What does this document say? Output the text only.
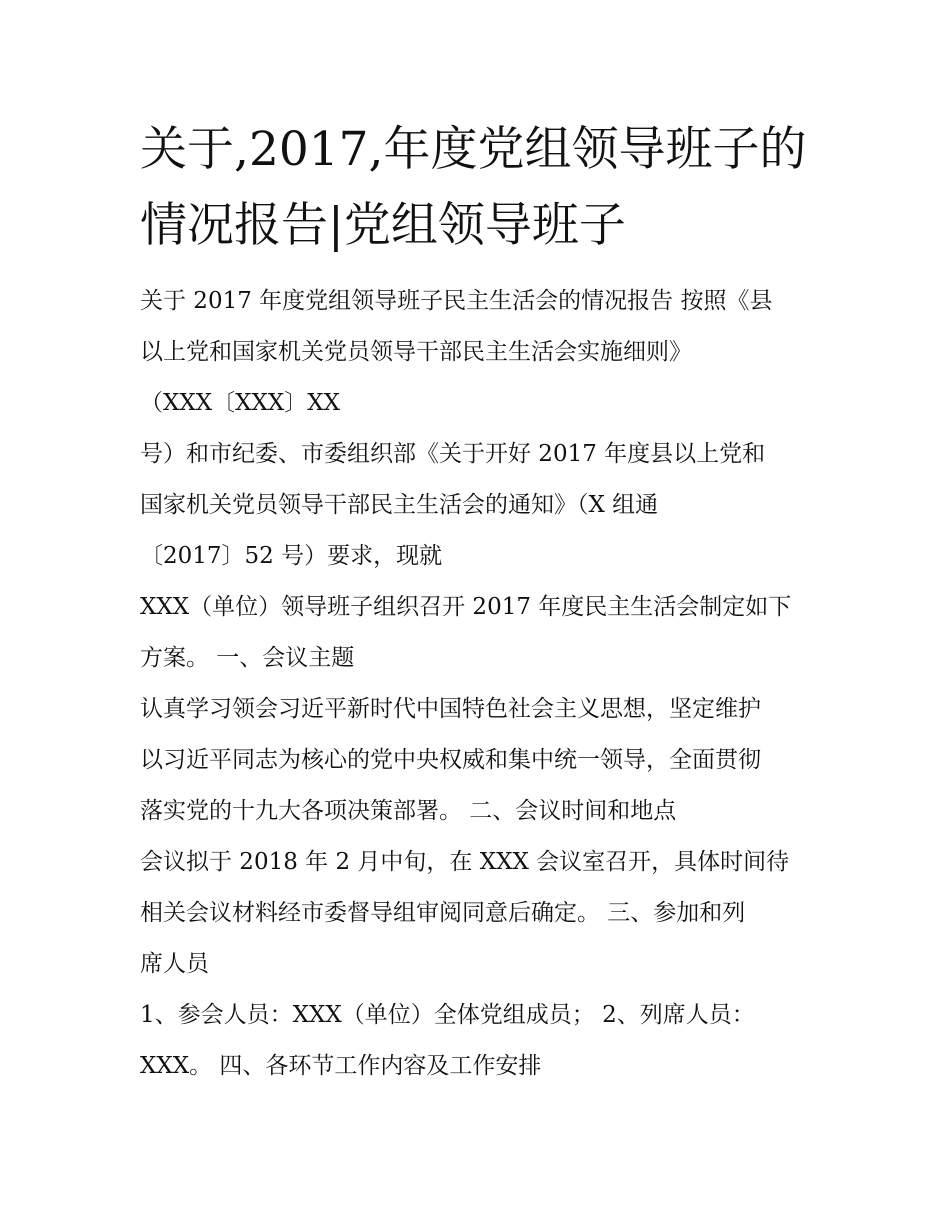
关于,2017,年度党组领导班子的
情况报告|党组领导班子
关于 2017 年度党组领导班子民主生活会的情况报告 按照《县
以上党和国家机关党员领导干部民主生活会实施细则》
（XXX〔XXX〕XX
号）和市纪委、市委组织部《关于开好 2017 年度县以上党和
国家机关党员领导干部民主生活会的通知》（X 组通
〔2017〕52 号）要求，现就
XXX（单位）领导班子组织召开 2017 年度民主生活会制定如下
方案。 一、会议主题
认真学习领会习近平新时代中国特色社会主义思想，坚定维护
以习近平同志为核心的党中央权威和集中统一领导，全面贯彻
落实党的十九大各项决策部署。 二、会议时间和地点
会议拟于 2018 年 2 月中旬，在 XXX 会议室召开，具体时间待
相关会议材料经市委督导组审阅同意后确定。 三、参加和列
席人员
1、参会人员：XXX（单位）全体党组成员； 2、列席人员：
XXX。 四、各环节工作内容及工作安排
